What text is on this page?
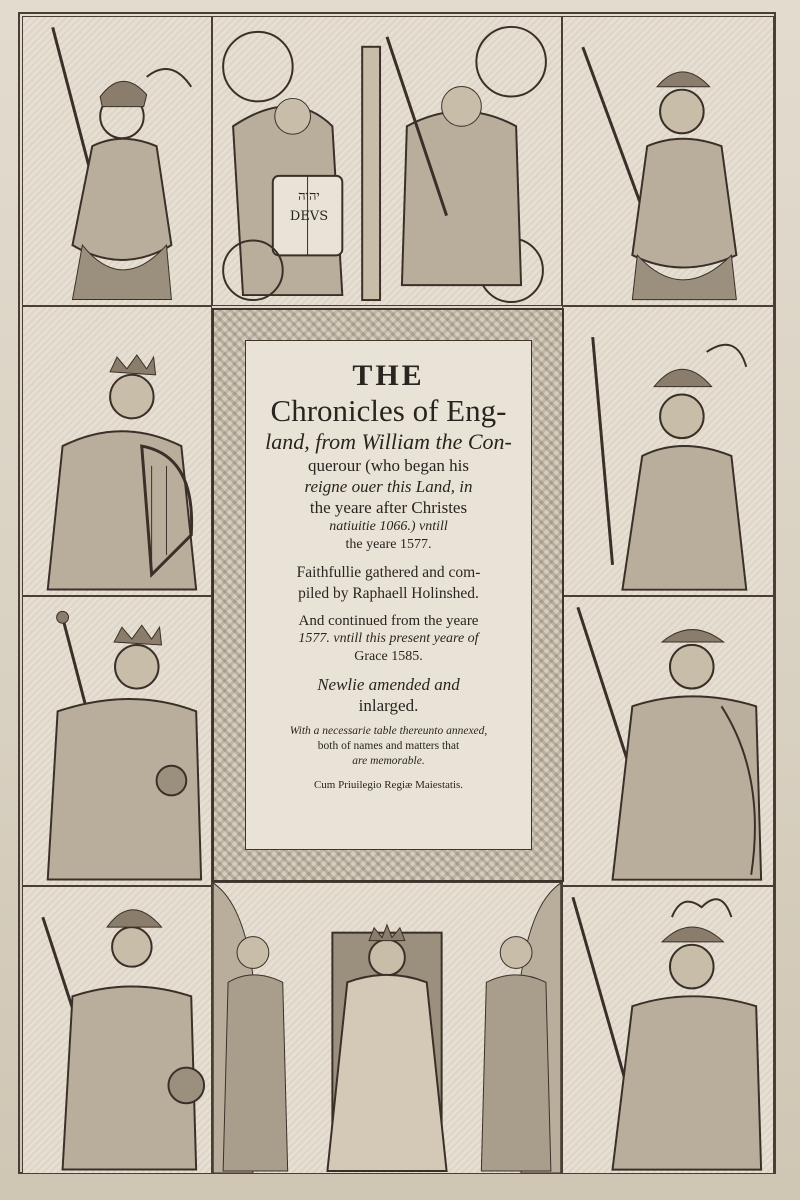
יהוה
DEVS
THE
Chronicles of Eng-
land, from William the Con-
querour (who began his
reigne ouer this Land, in
the yeare after Christes
natiuitie 1066.) vntill
the yeare 1577.
Faithfullie gathered and com-
piled by Raphaell Holinshed.
And continued from the yeare
1577. vntill this present yeare of
Grace 1585.
Newlie amended and
inlarged.
With a necessarie table thereunto annexed,
both of names and matters that
are memorable.
Cum Priuilegio Regiæ Maiestatis.
